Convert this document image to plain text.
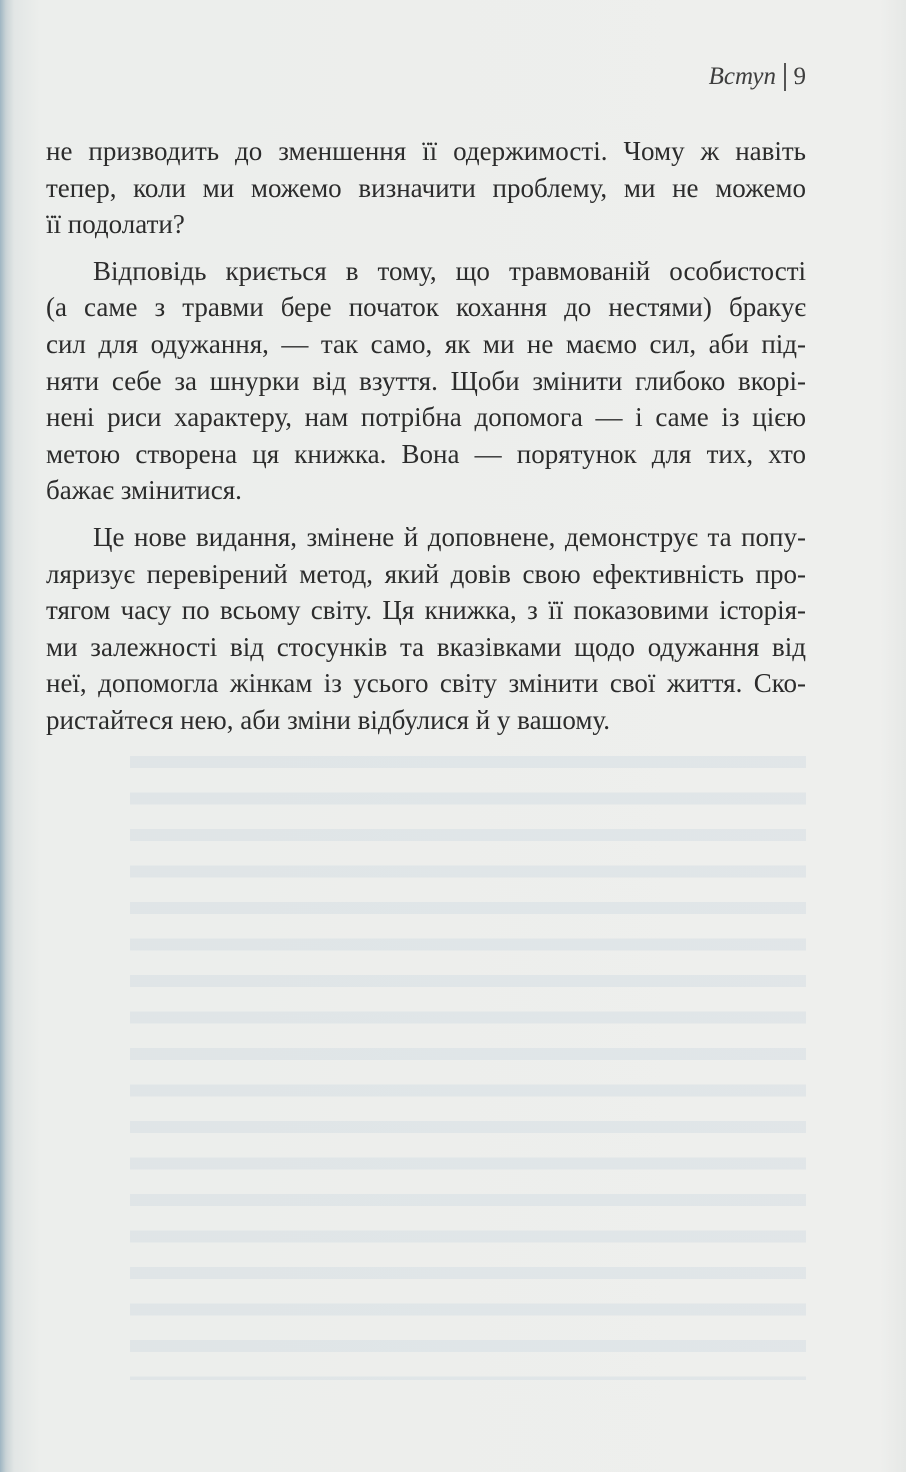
Вступ 9

не призводить до зменшення її одержимості. Чому ж навіть
тепер, коли ми можемо визначити проблему, ми не можемо
її подолати?

Відповідь криється в тому, що травмованій особистості
(а саме з травми бере початок кохання до нестями) бракує
сил для одужання, — так само, як ми не маємо сил, аби під-
няти себе за шнурки від взуття. Щоби змінити глибоко вкорі-
нені риси характеру, нам потрібна допомога — і саме із цією
метою створена ця книжка. Вона — порятунок для тих, хто
бажає змінитися.

Це нове видання, змінене й доповнене, демонструє та попу-
ляризує перевірений метод, який довів свою ефективність про-
тягом часу по всьому світу. Ця книжка, з її показовими історія-
ми залежності від стосунків та вказівками щодо одужання від
неї, допомогла жінкам із усього світу змінити свої життя. Ско-
ристайтеся нею, аби зміни відбулися й у вашому.
